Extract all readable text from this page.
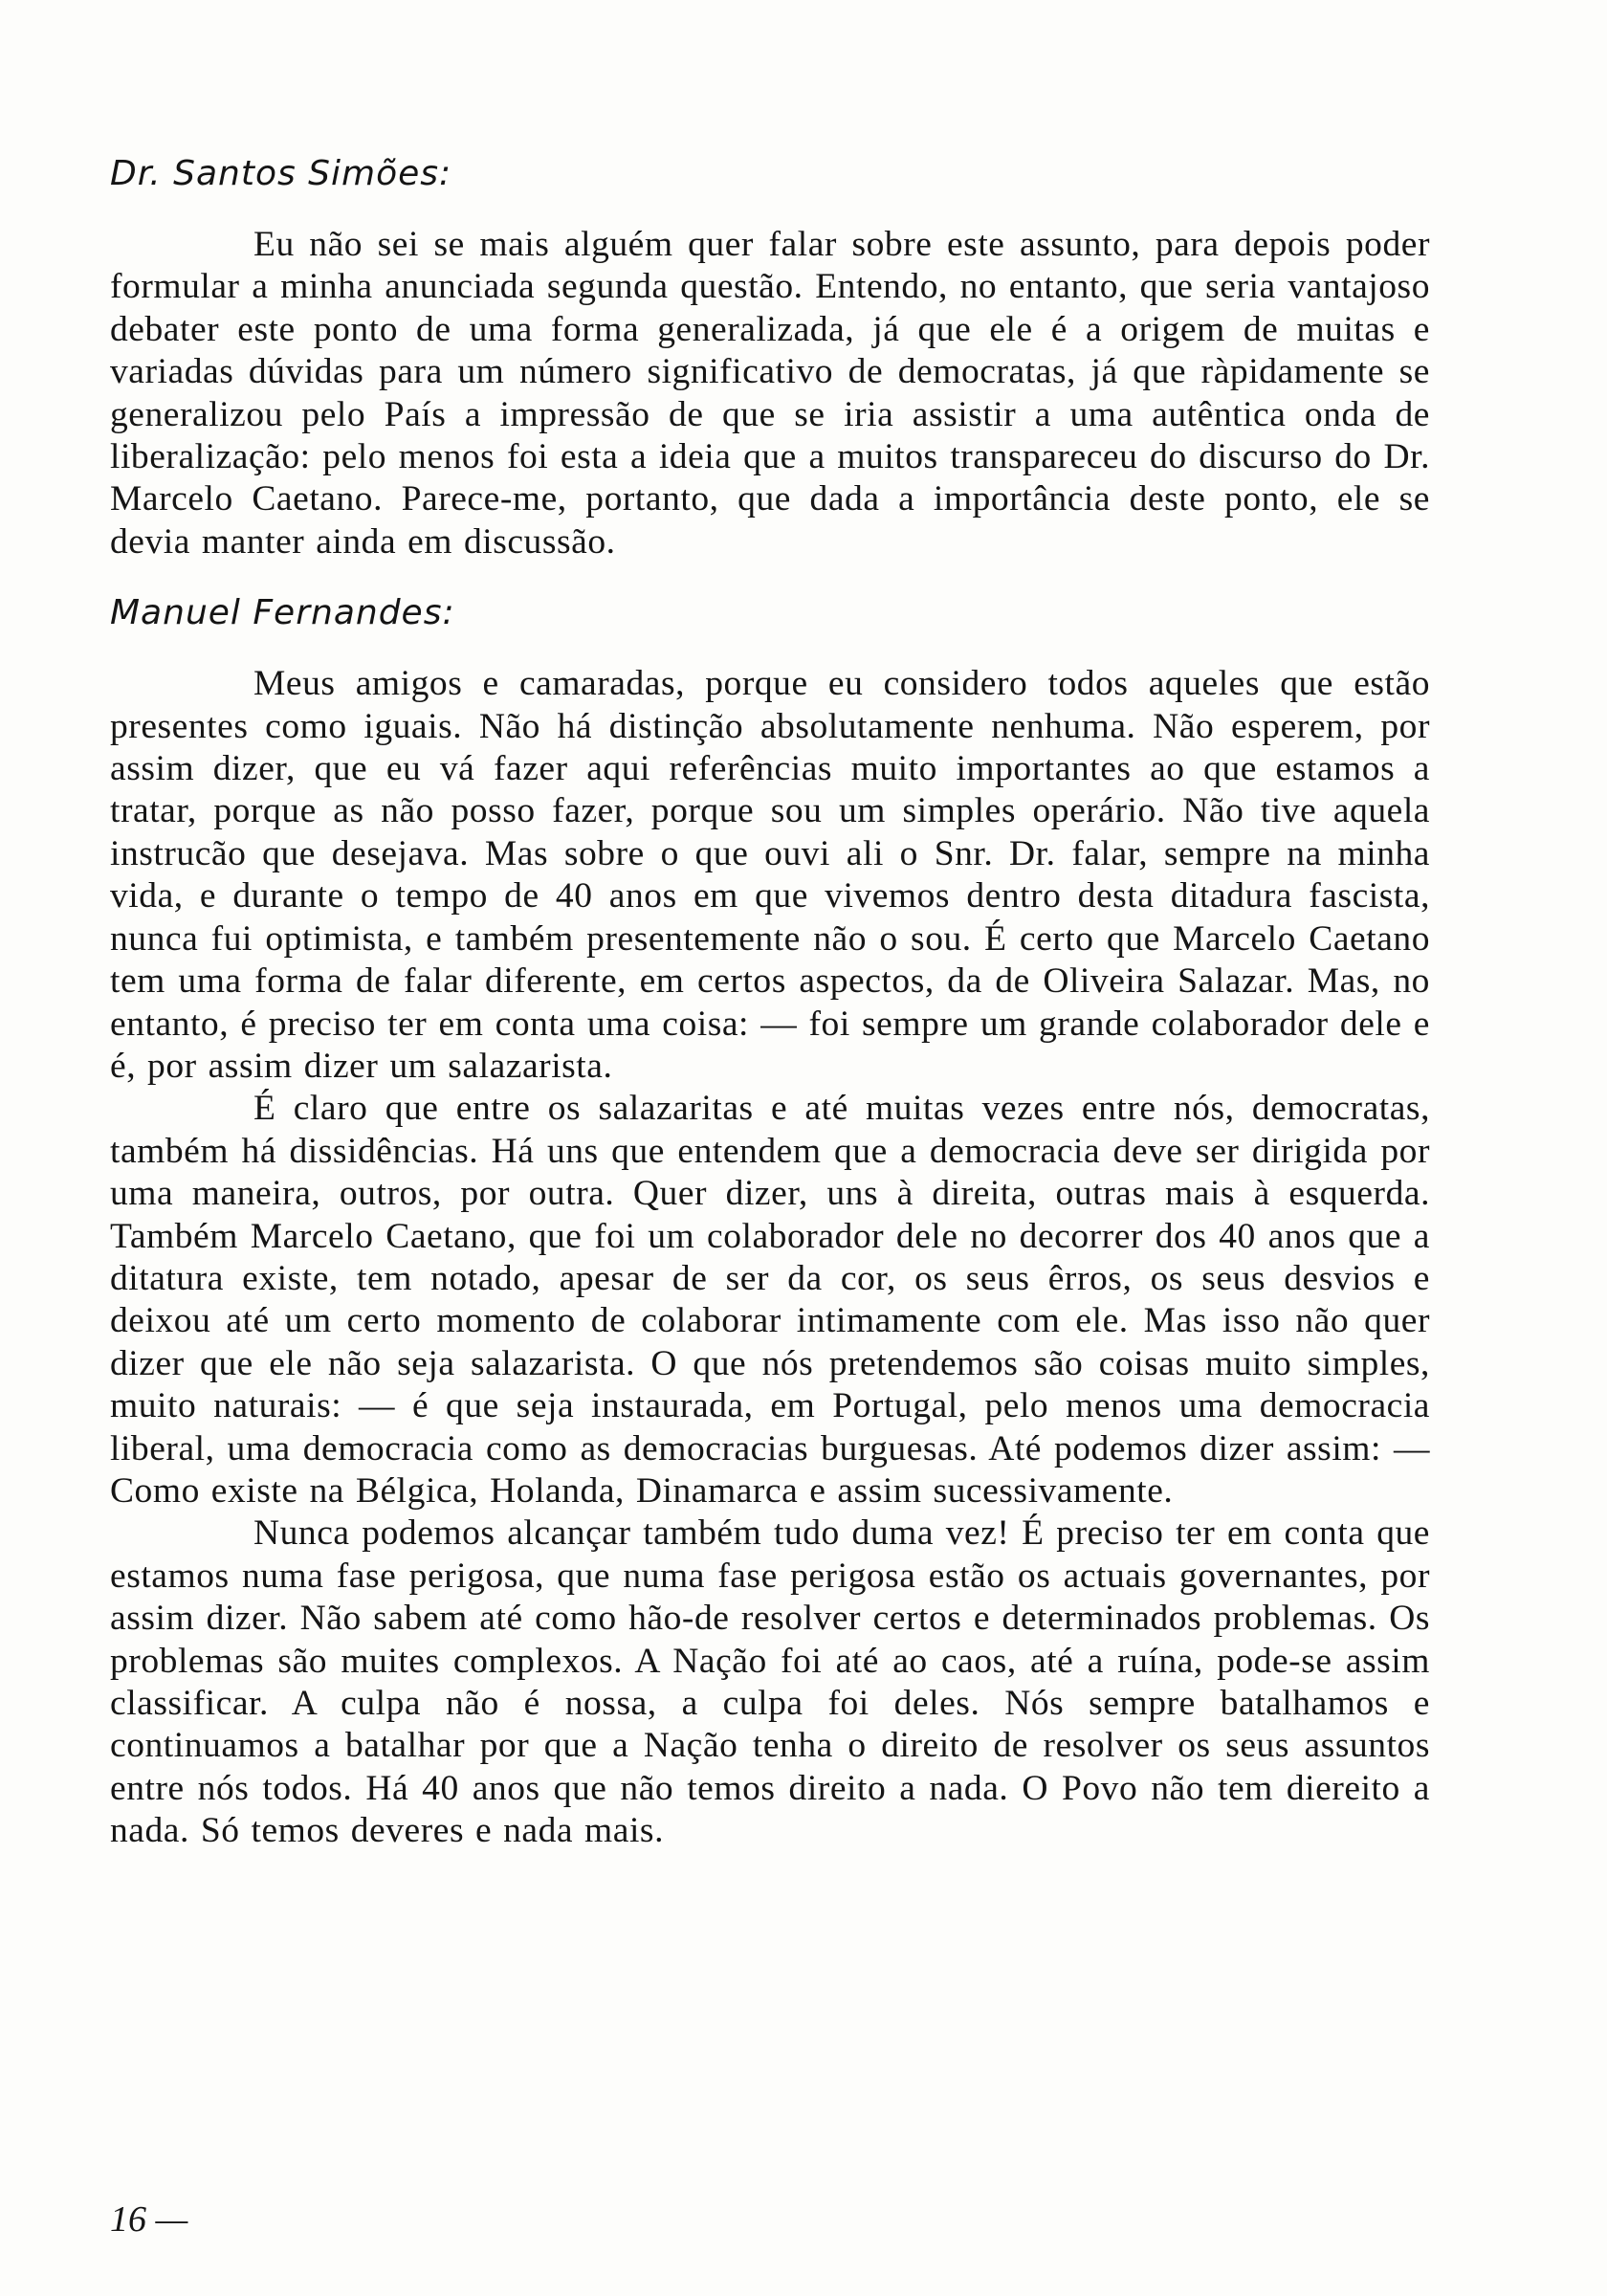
Dr. Santos Simões:

Eu não sei se mais alguém quer falar sobre este assunto, para depois poder formular a minha anunciada segunda questão. Entendo, no entanto, que seria vantajoso debater este ponto de uma forma generalizada, já que ele é a origem de muitas e variadas dúvidas para um número significativo de democratas, já que ràpidamente se generalizou pelo País a impressão de que se iria assistir a uma autêntica onda de liberalização: pelo menos foi esta a ideia que a muitos transpareceu do discurso do Dr. Marcelo Caetano. Parece-me, portanto, que dada a importância deste ponto, ele se devia manter ainda em discussão.

Manuel Fernandes:

Meus amigos e camaradas, porque eu considero todos aqueles que estão presentes como iguais. Não há distinção absolutamente nenhuma. Não esperem, por assim dizer, que eu vá fazer aqui referências muito importantes ao que estamos a tratar, porque as não posso fazer, porque sou um simples operário. Não tive aquela instrucão que desejava. Mas sobre o que ouvi ali o Snr. Dr. falar, sempre na minha vida, e durante o tempo de 40 anos em que vivemos dentro desta ditadura fascista, nunca fui optimista, e também presentemente não o sou. É certo que Marcelo Caetano tem uma forma de falar diferente, em certos aspectos, da de Oliveira Salazar. Mas, no entanto, é preciso ter em conta uma coisa: — foi sempre um grande colaborador dele e é, por assim dizer um salazarista.

É claro que entre os salazaritas e até muitas vezes entre nós, democratas, também há dissidências. Há uns que entendem que a democracia deve ser dirigida por uma maneira, outros, por outra. Quer dizer, uns à direita, outras mais à esquerda. Também Marcelo Caetano, que foi um colaborador dele no decorrer dos 40 anos que a ditatura existe, tem notado, apesar de ser da cor, os seus êrros, os seus desvios e deixou até um certo momento de colaborar intimamente com ele. Mas isso não quer dizer que ele não seja salazarista. O que nós pretendemos são coisas muito simples, muito naturais: — é que seja instaurada, em Portugal, pelo menos uma democracia liberal, uma democracia como as democracias burguesas. Até podemos dizer assim: — Como existe na Bélgica, Holanda, Dinamarca e assim sucessivamente.

Nunca podemos alcançar também tudo duma vez! É preciso ter em conta que estamos numa fase perigosa, que numa fase perigosa estão os actuais governantes, por assim dizer. Não sabem até como hão-de resolver certos e determinados problemas. Os problemas são muites complexos. A Nação foi até ao caos, até a ruína, pode-se assim classificar. A culpa não é nossa, a culpa foi deles. Nós sempre batalhamos e continuamos a batalhar por que a Nação tenha o direito de resolver os seus assuntos entre nós todos. Há 40 anos que não temos direito a nada. O Povo não tem diereito a nada. Só temos deveres e nada mais.

16 —
